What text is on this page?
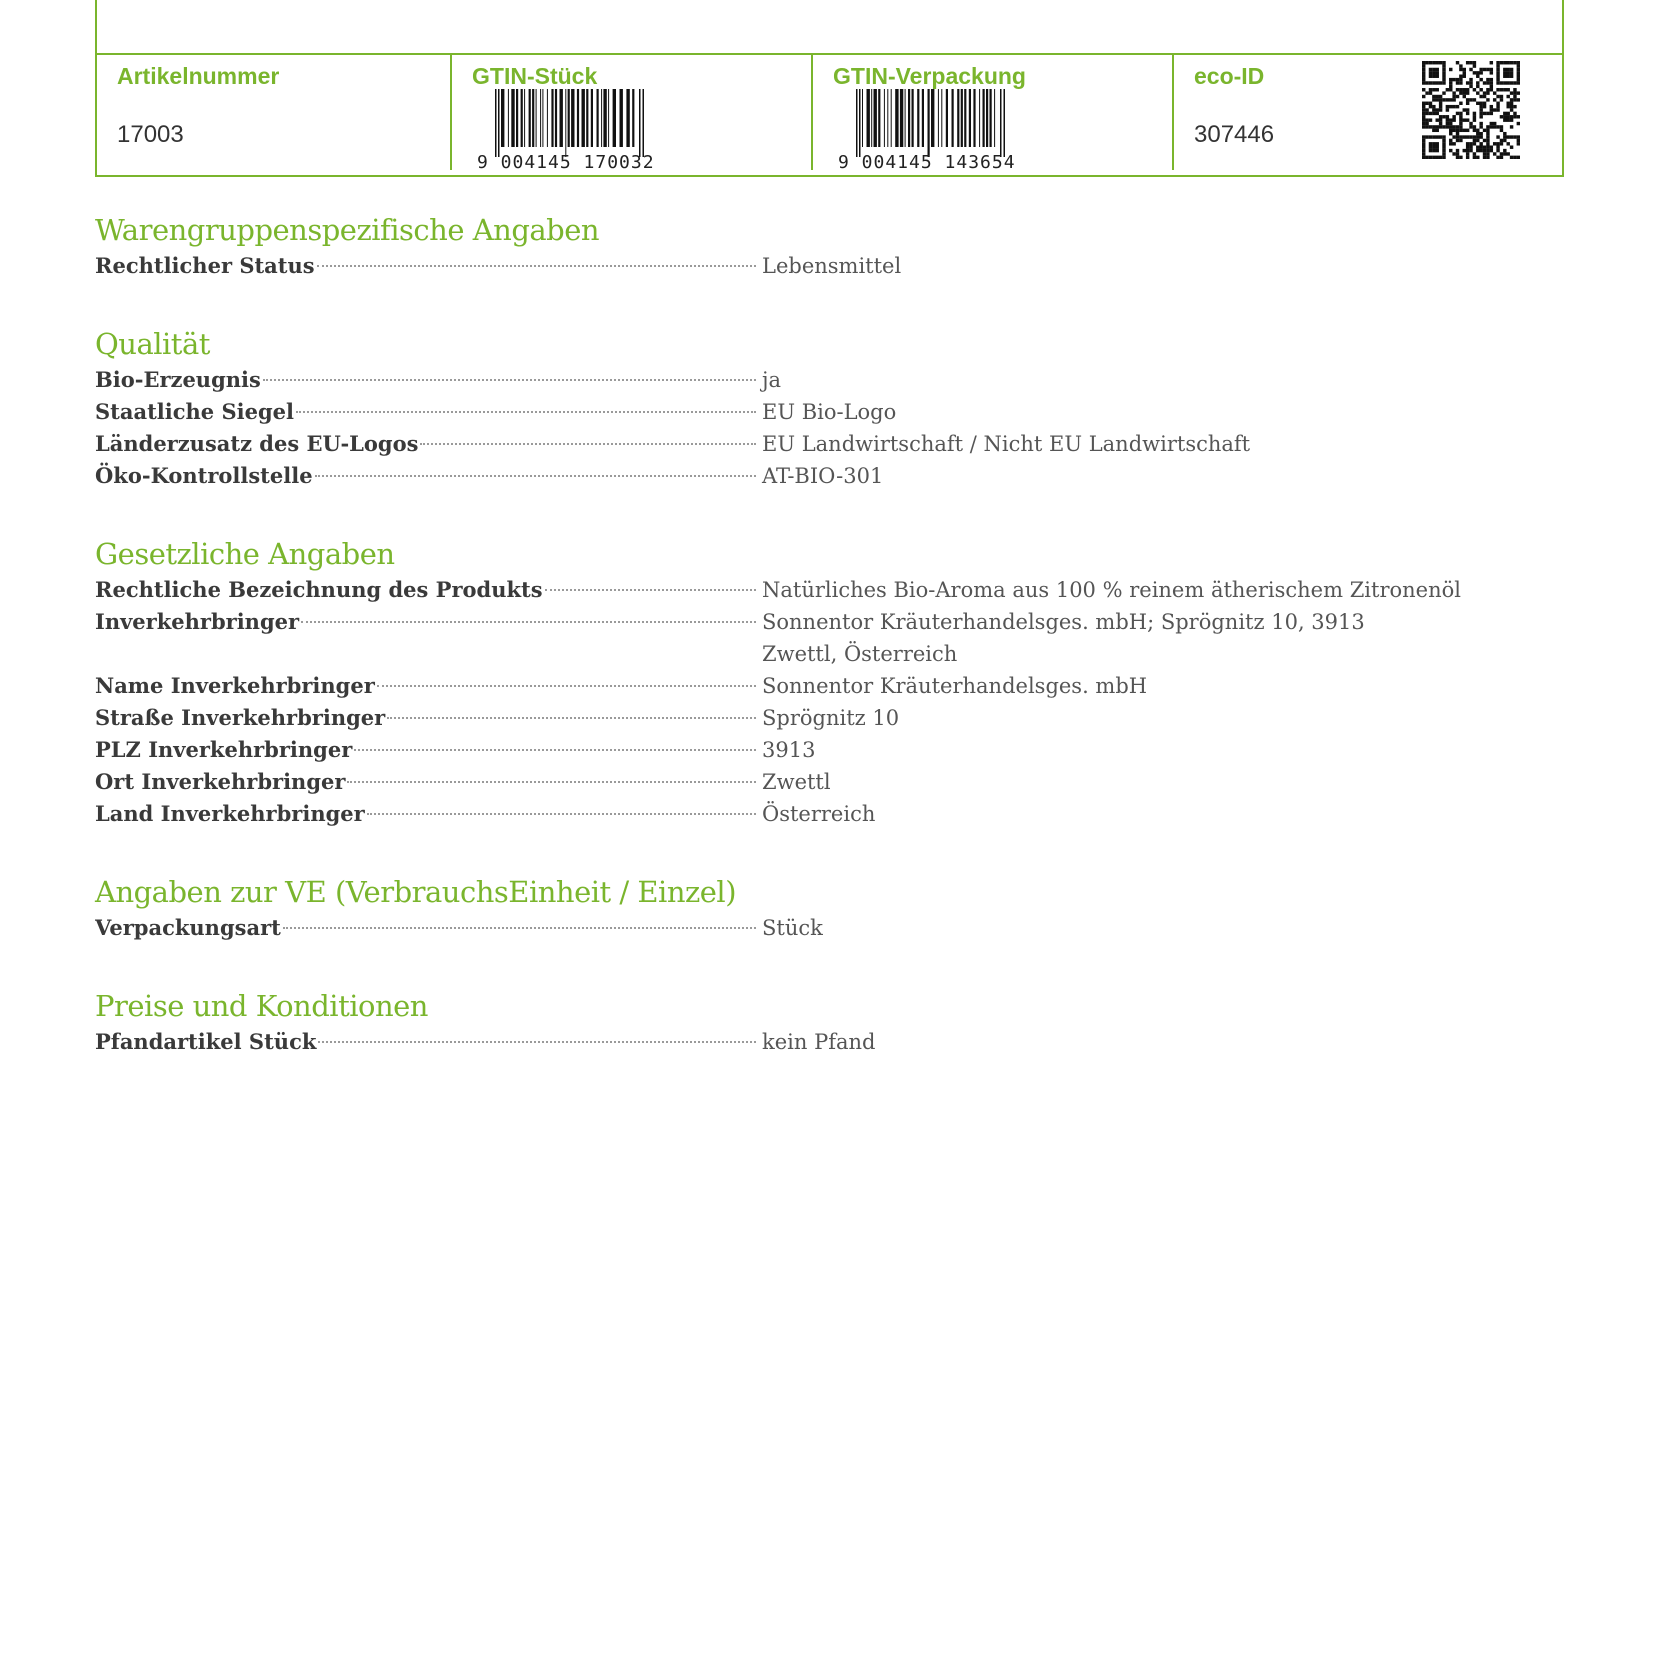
Artikelnummer
17003
GTIN-Stück
9 004145 170032
GTIN-Verpackung
9 004145 143654
eco-ID
307446
Warengruppenspezifische Angaben
Rechtlicher Status	Lebensmittel
Qualität
Bio-Erzeugnis	ja
Staatliche Siegel	EU Bio-Logo
Länderzusatz des EU-Logos	EU Landwirtschaft / Nicht EU Landwirtschaft
Öko-Kontrollstelle	AT-BIO-301
Gesetzliche Angaben
Rechtliche Bezeichnung des Produkts	Natürliches Bio-Aroma aus 100 % reinem ätherischem Zitronenöl
Inverkehrbringer	Sonnentor Kräuterhandelsges. mbH; Sprögnitz 10, 3913 Zwettl, Österreich
Name Inverkehrbringer	Sonnentor Kräuterhandelsges. mbH
Straße Inverkehrbringer	Sprögnitz 10
PLZ Inverkehrbringer	3913
Ort Inverkehrbringer	Zwettl
Land Inverkehrbringer	Österreich
Angaben zur VE (VerbrauchsEinheit / Einzel)
Verpackungsart	Stück
Preise und Konditionen
Pfandartikel Stück	kein Pfand
